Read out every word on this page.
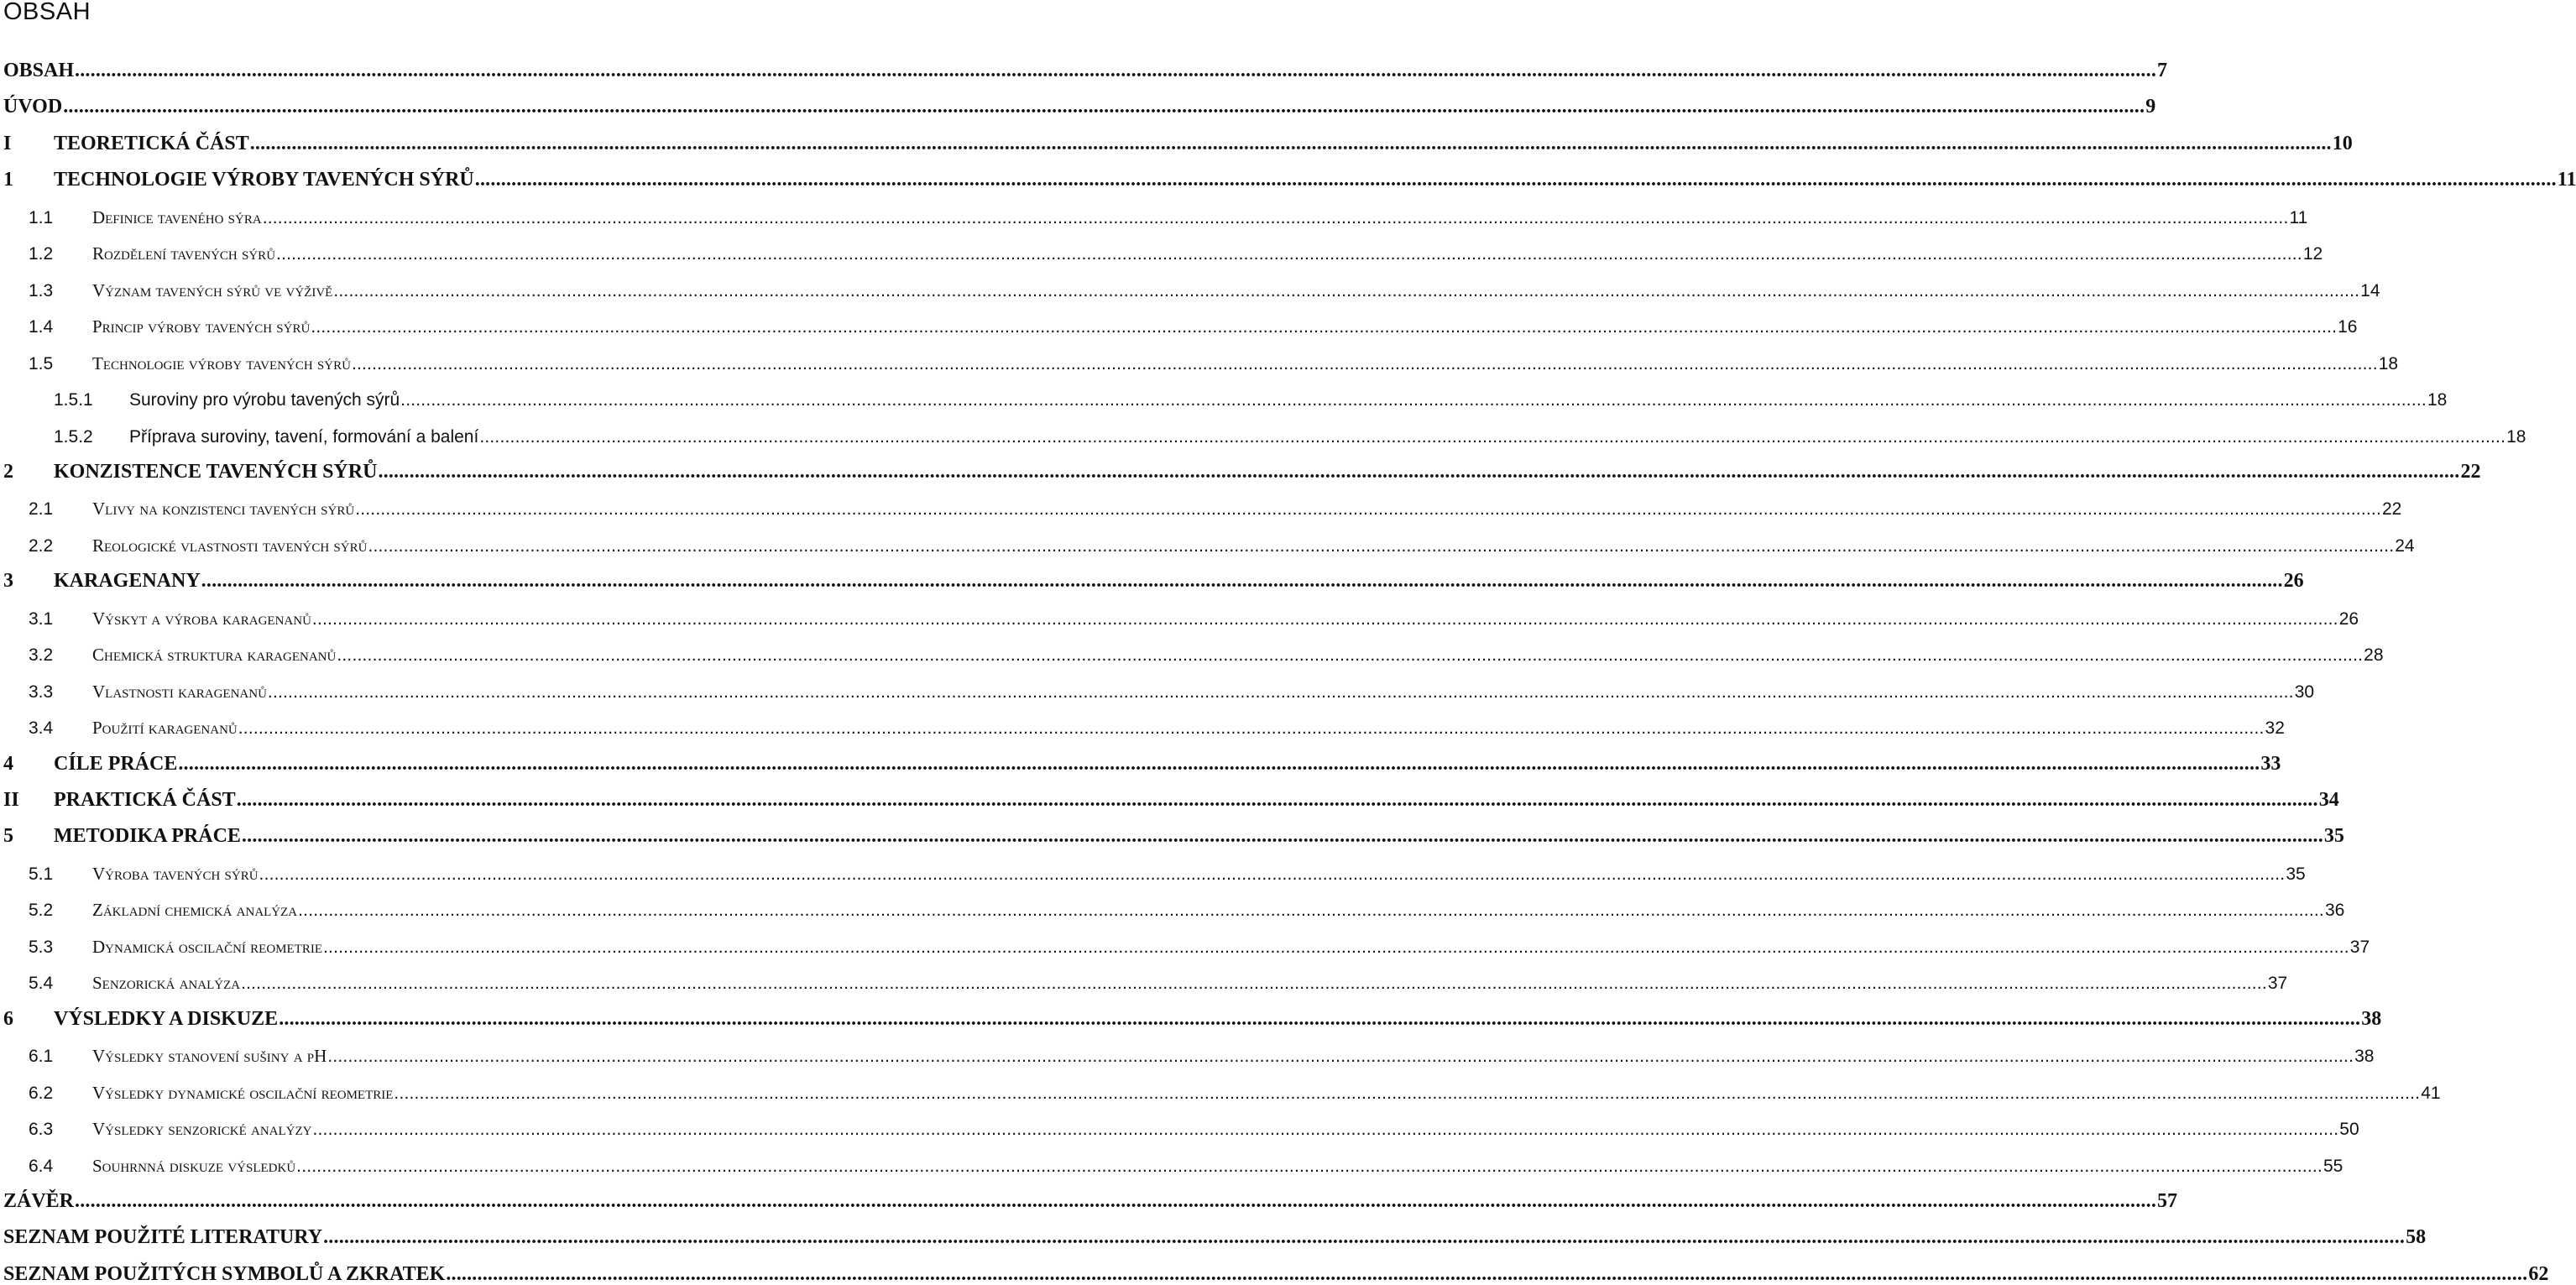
OBSAH
OBSAH ................................................................................................................................................................................................................................................................................................................................................................................................................ 7
ÚVOD ................................................................................................................................................................................................................................................................................................................................................................................................................ 9
I	TEORETICKÁ ČÁST ................................................................................................................................................................................................................................................................................................................................................................................................................ 10
1	TECHNOLOGIE VÝROBY TAVENÝCH SÝRŮ ................................................................................................................................................................................................................................................................................................................................................................................................................ 11
1.1	Definice taveného sýra ................................................................................................................................................................................................................................................................................................................................................................................................................ 11
1.2	Rozdělení tavených sýrů ................................................................................................................................................................................................................................................................................................................................................................................................................ 12
1.3	Význam tavených sýrů ve výživě ................................................................................................................................................................................................................................................................................................................................................................................................................ 14
1.4	Princip výroby tavených sýrů ................................................................................................................................................................................................................................................................................................................................................................................................................ 16
1.5	Technologie výroby tavených sýrů ................................................................................................................................................................................................................................................................................................................................................................................................................ 18
1.5.1	Suroviny pro výrobu tavených sýrů ................................................................................................................................................................................................................................................................................................................................................................................................................ 18
1.5.2	Příprava suroviny, tavení, formování a balení ................................................................................................................................................................................................................................................................................................................................................................................................................ 18
2	KONZISTENCE TAVENÝCH SÝRŮ ................................................................................................................................................................................................................................................................................................................................................................................................................ 22
2.1	Vlivy na konzistenci tavených sýrů ................................................................................................................................................................................................................................................................................................................................................................................................................ 22
2.2	Reologické vlastnosti tavených sýrů ................................................................................................................................................................................................................................................................................................................................................................................................................ 24
3	KARAGENANY ................................................................................................................................................................................................................................................................................................................................................................................................................ 26
3.1	Výskyt a výroba karagenanů ................................................................................................................................................................................................................................................................................................................................................................................................................ 26
3.2	Chemická struktura karagenanů ................................................................................................................................................................................................................................................................................................................................................................................................................ 28
3.3	Vlastnosti karagenanů ................................................................................................................................................................................................................................................................................................................................................................................................................ 30
3.4	Použití karagenanů ................................................................................................................................................................................................................................................................................................................................................................................................................ 32
4	CÍLE PRÁCE ................................................................................................................................................................................................................................................................................................................................................................................................................ 33
II	PRAKTICKÁ ČÁST ................................................................................................................................................................................................................................................................................................................................................................................................................ 34
5	METODIKA PRÁCE ................................................................................................................................................................................................................................................................................................................................................................................................................ 35
5.1	Výroba tavených sýrů ................................................................................................................................................................................................................................................................................................................................................................................................................ 35
5.2	Základní chemická analýza ................................................................................................................................................................................................................................................................................................................................................................................................................ 36
5.3	Dynamická oscilační reometrie ................................................................................................................................................................................................................................................................................................................................................................................................................ 37
5.4	Senzorická analýza ................................................................................................................................................................................................................................................................................................................................................................................................................ 37
6	VÝSLEDKY A DISKUZE ................................................................................................................................................................................................................................................................................................................................................................................................................ 38
6.1	Výsledky stanovení sušiny a pH ................................................................................................................................................................................................................................................................................................................................................................................................................ 38
6.2	Výsledky dynamické oscilační reometrie ................................................................................................................................................................................................................................................................................................................................................................................................................ 41
6.3	Výsledky senzorické analýzy ................................................................................................................................................................................................................................................................................................................................................................................................................ 50
6.4	Souhrnná diskuze výsledků ................................................................................................................................................................................................................................................................................................................................................................................................................ 55
ZÁVĚR ................................................................................................................................................................................................................................................................................................................................................................................................................ 57
SEZNAM POUŽITÉ LITERATURY ................................................................................................................................................................................................................................................................................................................................................................................................................ 58
SEZNAM POUŽITÝCH SYMBOLŮ A ZKRATEK ................................................................................................................................................................................................................................................................................................................................................................................................................ 62
